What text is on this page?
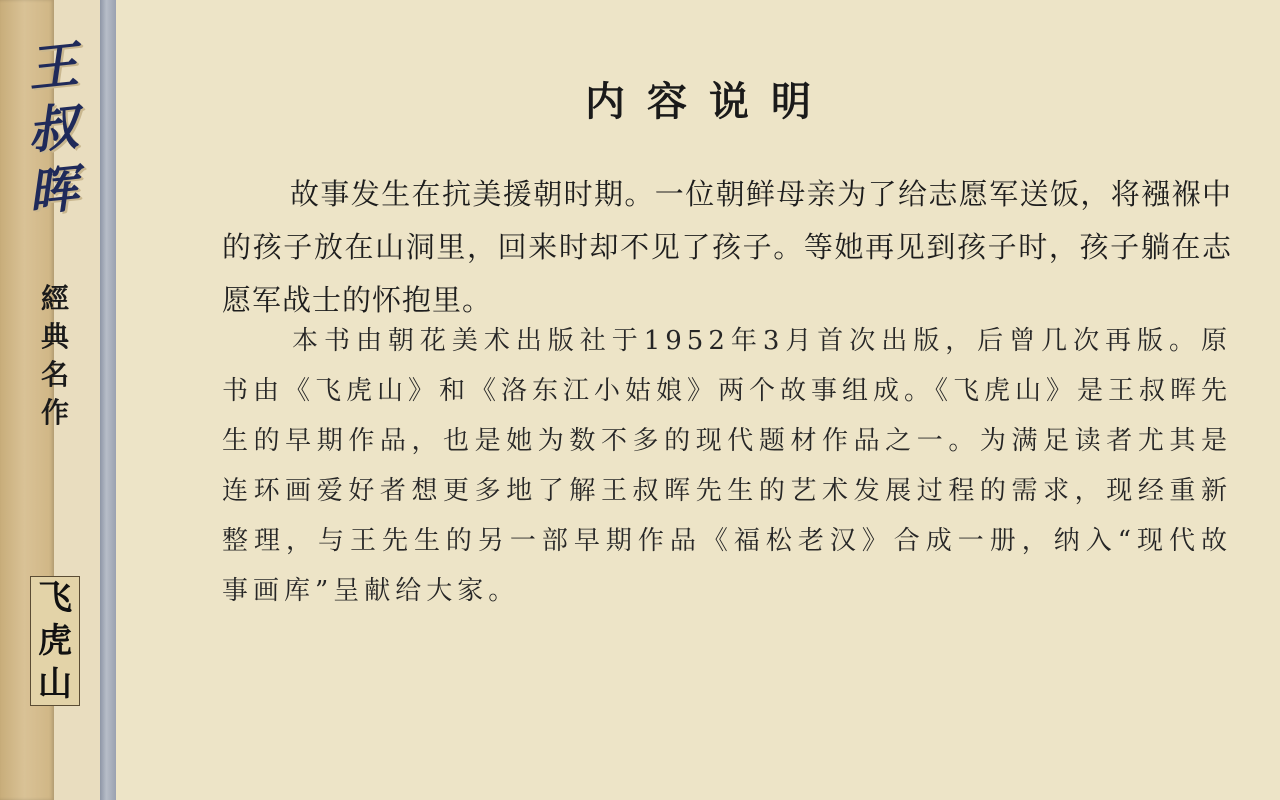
王
叔
晖
經
典
名
作
飞
虎
山
内容说明

故事发生在抗美援朝时期。一位朝鲜母亲为了给志愿军送饭，将襁褓中的孩子放在山洞里，回来时却不见了孩子。等她再见到孩子时，孩子躺在志愿军战士的怀抱里。

本书由朝花美术出版社于1952年3月首次出版，后曾几次再版。原书由《飞虎山》和《洛东江小姑娘》两个故事组成。《飞虎山》是王叔晖先生的早期作品，也是她为数不多的现代题材作品之一。为满足读者尤其是连环画爱好者想更多地了解王叔晖先生的艺术发展过程的需求，现经重新整理，与王先生的另一部早期作品《福松老汉》合成一册，纳入“现代故事画库”呈献给大家。
